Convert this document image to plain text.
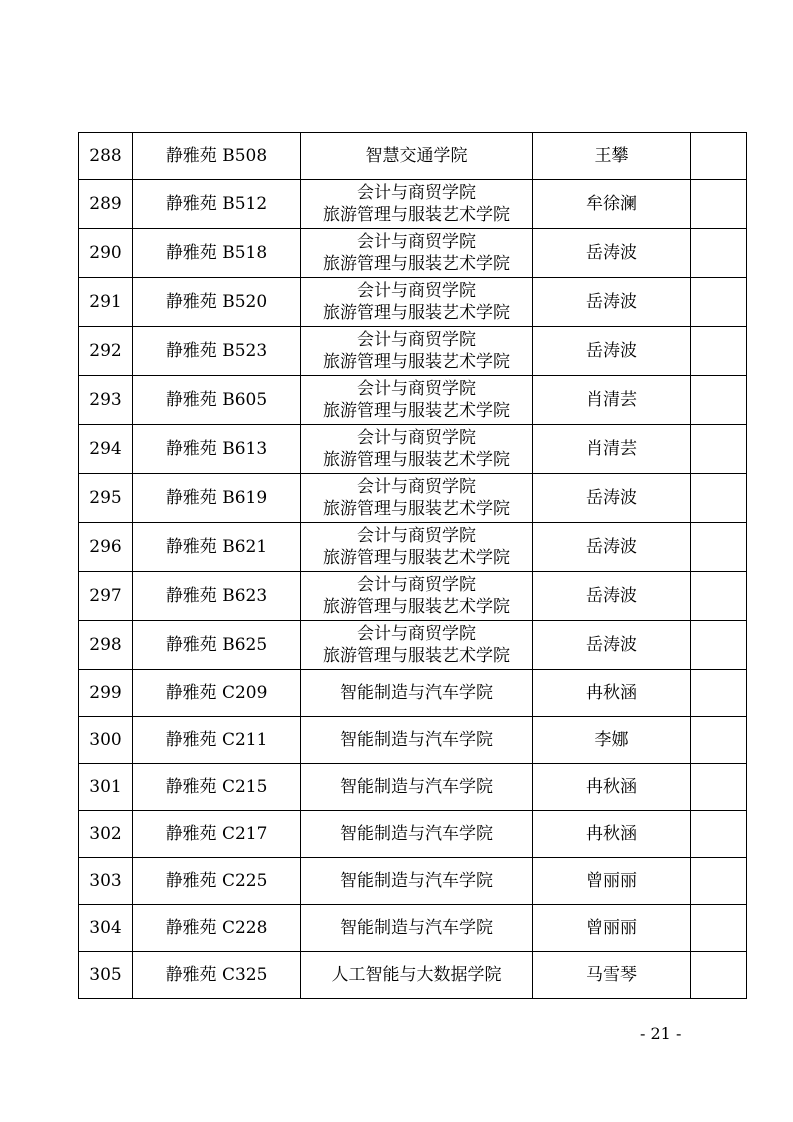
288	静雅苑 B508	智慧交通学院	王攀	
289	静雅苑 B512	会计与商贸学院
旅游管理与服装艺术学院	牟徐澜	
290	静雅苑 B518	会计与商贸学院
旅游管理与服装艺术学院	岳涛波	
291	静雅苑 B520	会计与商贸学院
旅游管理与服装艺术学院	岳涛波	
292	静雅苑 B523	会计与商贸学院
旅游管理与服装艺术学院	岳涛波	
293	静雅苑 B605	会计与商贸学院
旅游管理与服装艺术学院	肖清芸	
294	静雅苑 B613	会计与商贸学院
旅游管理与服装艺术学院	肖清芸	
295	静雅苑 B619	会计与商贸学院
旅游管理与服装艺术学院	岳涛波	
296	静雅苑 B621	会计与商贸学院
旅游管理与服装艺术学院	岳涛波	
297	静雅苑 B623	会计与商贸学院
旅游管理与服装艺术学院	岳涛波	
298	静雅苑 B625	会计与商贸学院
旅游管理与服装艺术学院	岳涛波	
299	静雅苑 C209	智能制造与汽车学院	冉秋涵	
300	静雅苑 C211	智能制造与汽车学院	李娜	
301	静雅苑 C215	智能制造与汽车学院	冉秋涵	
302	静雅苑 C217	智能制造与汽车学院	冉秋涵	
303	静雅苑 C225	智能制造与汽车学院	曾丽丽	
304	静雅苑 C228	智能制造与汽车学院	曾丽丽	
305	静雅苑 C325	人工智能与大数据学院	马雪琴	
- 21 -
